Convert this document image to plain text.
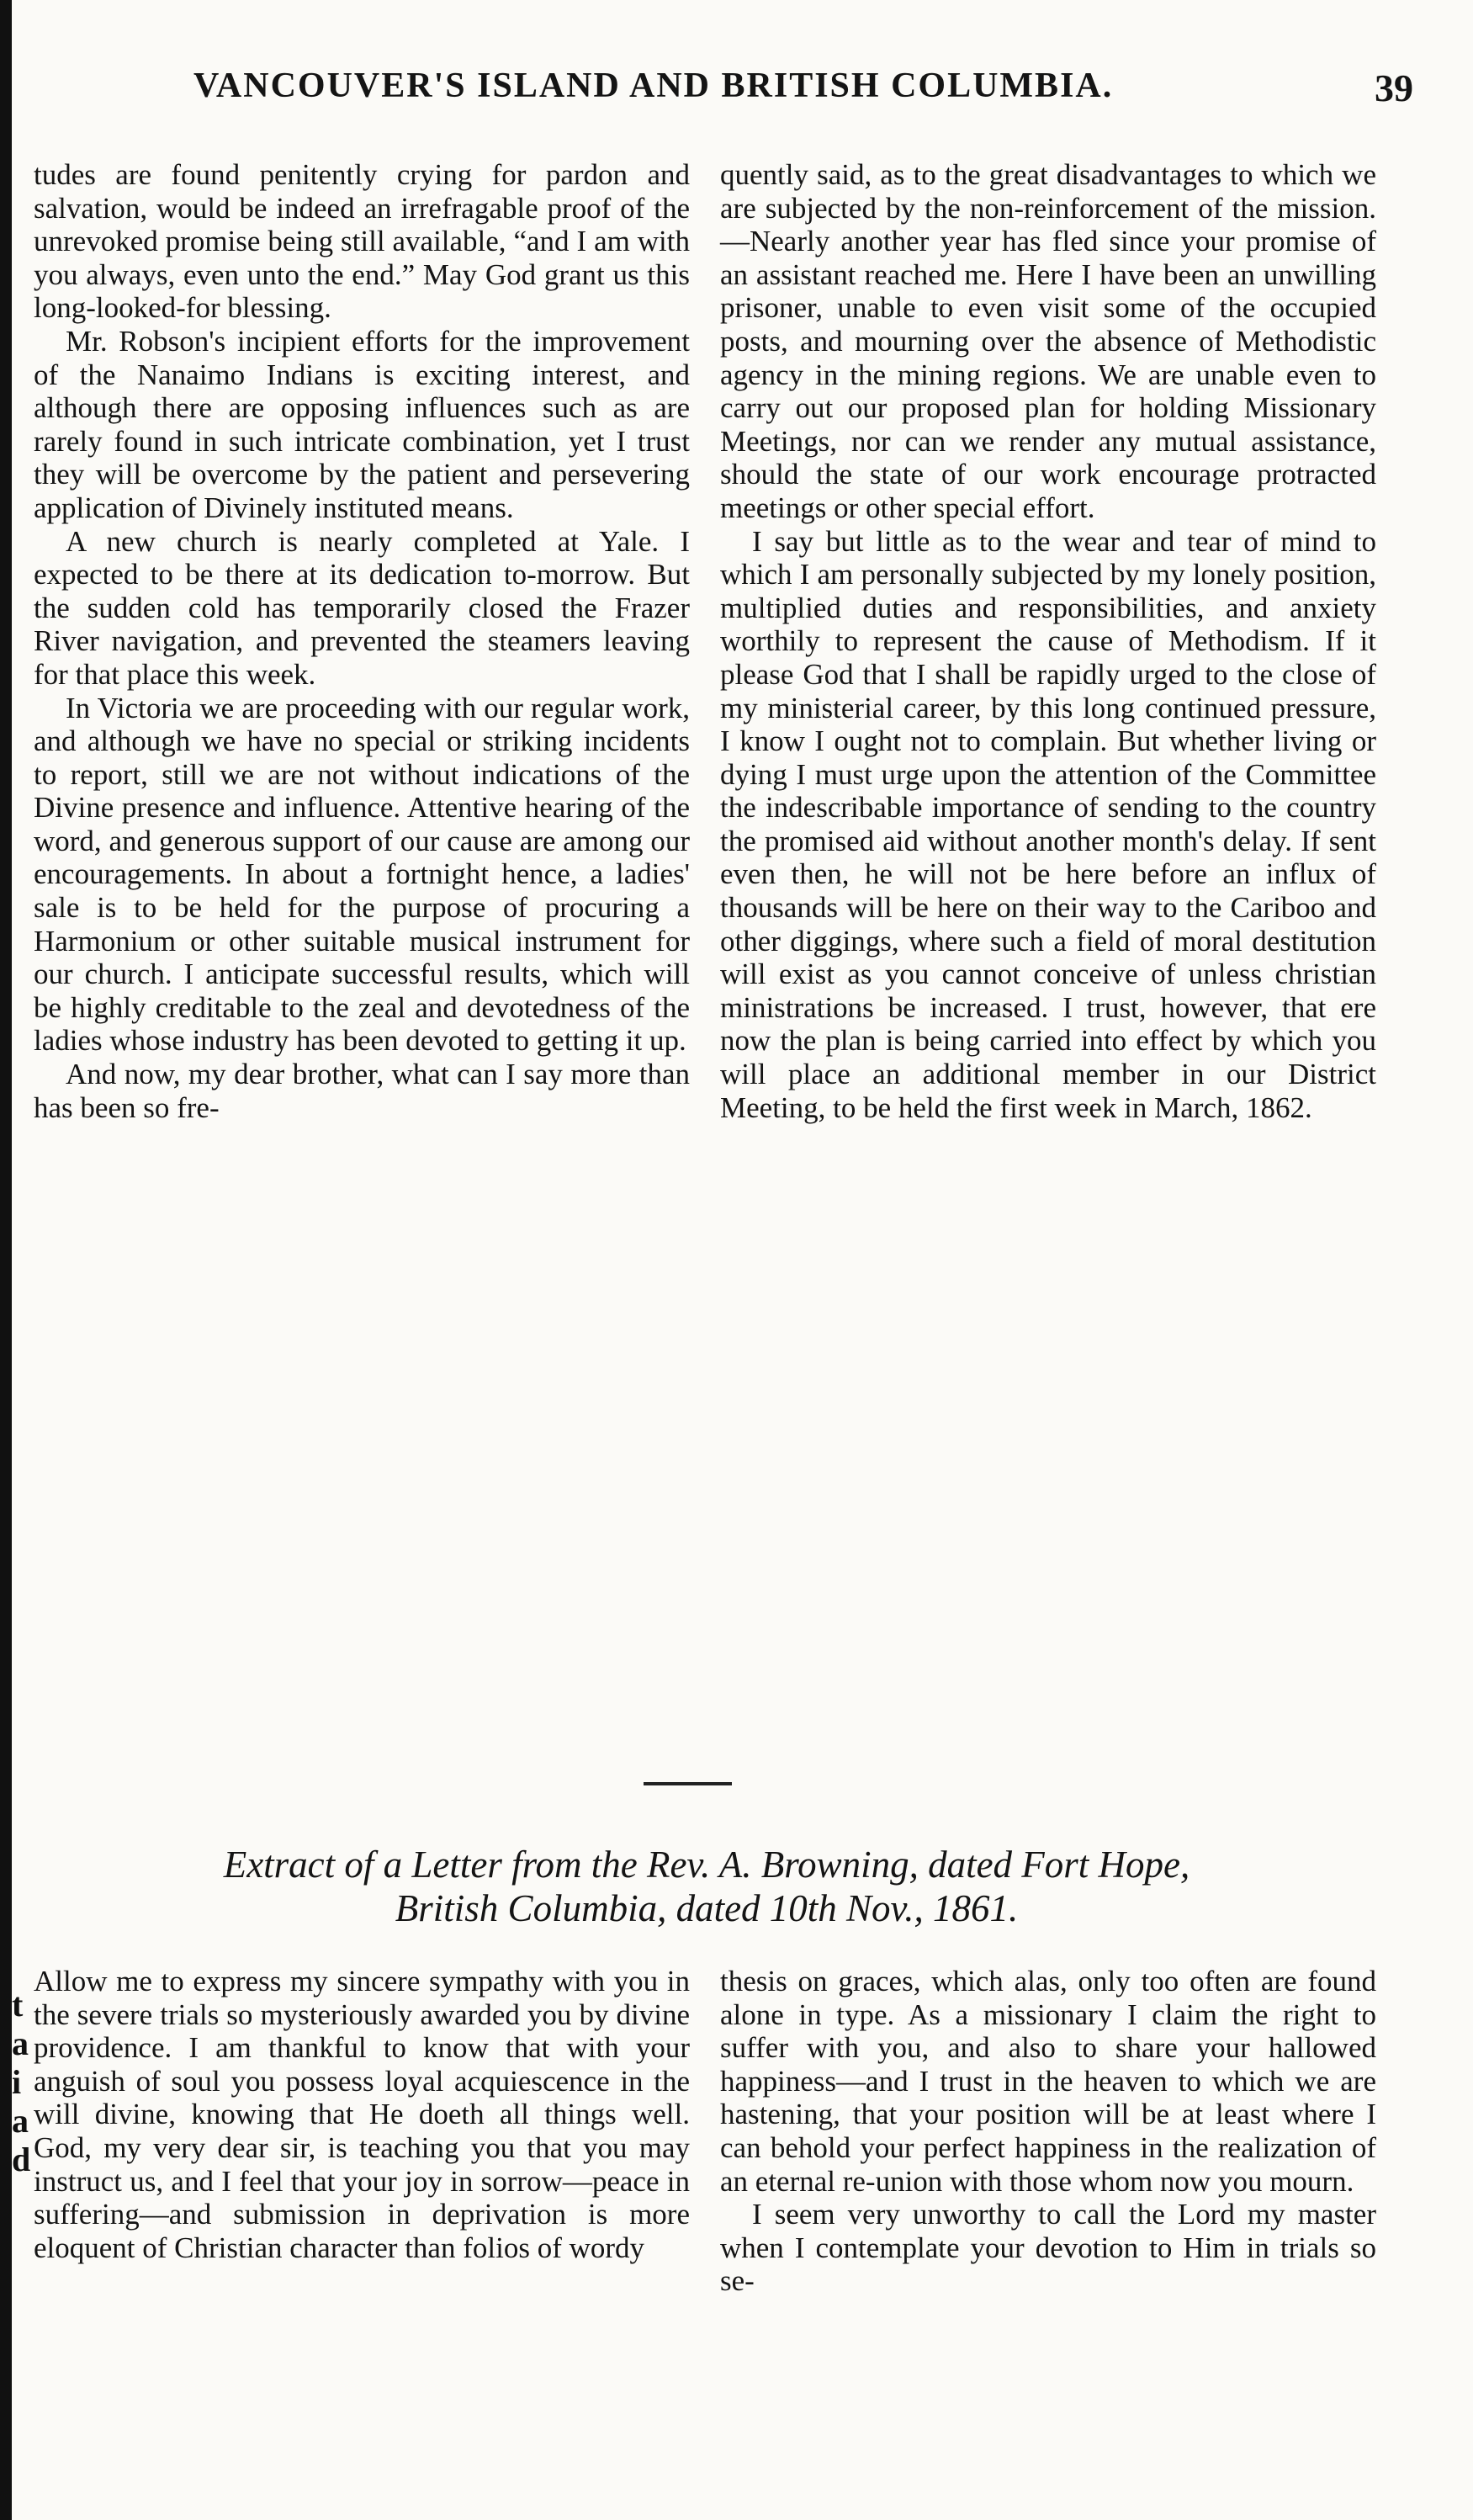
t
a
i
a
d
VANCOUVER'S ISLAND AND BRITISH COLUMBIA.	39

tudes are found penitently crying for pardon and salvation, would be indeed an irrefragable proof of the unrevoked promise being still available, “and I am with you always, even unto the end.” May God grant us this long-looked-for blessing.

Mr. Robson's incipient efforts for the improvement of the Nanaimo Indians is exciting interest, and although there are opposing influences such as are rarely found in such intricate combination, yet I trust they will be overcome by the patient and persevering application of Divinely instituted means.

A new church is nearly completed at Yale. I expected to be there at its dedication to-morrow. But the sudden cold has temporarily closed the Frazer River navigation, and prevented the steamers leaving for that place this week.

In Victoria we are proceeding with our regular work, and although we have no special or striking incidents to report, still we are not without indications of the Divine presence and influence. Attentive hearing of the word, and generous support of our cause are among our encouragements. In about a fortnight hence, a ladies' sale is to be held for the purpose of procuring a Harmonium or other suitable musical instrument for our church. I anticipate successful results, which will be highly creditable to the zeal and devotedness of the ladies whose industry has been devoted to getting it up.

And now, my dear brother, what can I say more than has been so fre-

quently said, as to the great disadvantages to which we are subjected by the non-reinforcement of the mission.—Nearly another year has fled since your promise of an assistant reached me. Here I have been an unwilling prisoner, unable to even visit some of the occupied posts, and mourning over the absence of Methodistic agency in the mining regions. We are unable even to carry out our proposed plan for holding Missionary Meetings, nor can we render any mutual assistance, should the state of our work encourage protracted meetings or other special effort.

I say but little as to the wear and tear of mind to which I am personally subjected by my lonely position, multiplied duties and responsibilities, and anxiety worthily to represent the cause of Methodism. If it please God that I shall be rapidly urged to the close of my ministerial career, by this long continued pressure, I know I ought not to complain. But whether living or dying I must urge upon the attention of the Committee the indescribable importance of sending to the country the promised aid without another month's delay. If sent even then, he will not be here before an influx of thousands will be here on their way to the Cariboo and other diggings, where such a field of moral destitution will exist as you cannot conceive of unless christian ministrations be increased. I trust, however, that ere now the plan is being carried into effect by which you will place an additional member in our District Meeting, to be held the first week in March, 1862.

Extract of a Letter from the Rev. A. Browning, dated Fort Hope,
British Columbia, dated 10th Nov., 1861.

Allow me to express my sincere sympathy with you in the severe trials so mysteriously awarded you by divine providence. I am thankful to know that with your anguish of soul you possess loyal acquiescence in the will divine, knowing that He doeth all things well. God, my very dear sir, is teaching you that you may instruct us, and I feel that your joy in sorrow—peace in suffering—and submission in deprivation is more eloquent of Christian character than folios of wordy

thesis on graces, which alas, only too often are found alone in type. As a missionary I claim the right to suffer with you, and also to share your hallowed happiness—and I trust in the heaven to which we are hastening, that your position will be at least where I can behold your perfect happiness in the realization of an eternal re-union with those whom now you mourn.

I seem very unworthy to call the Lord my master when I contemplate your devotion to Him in trials so se-
